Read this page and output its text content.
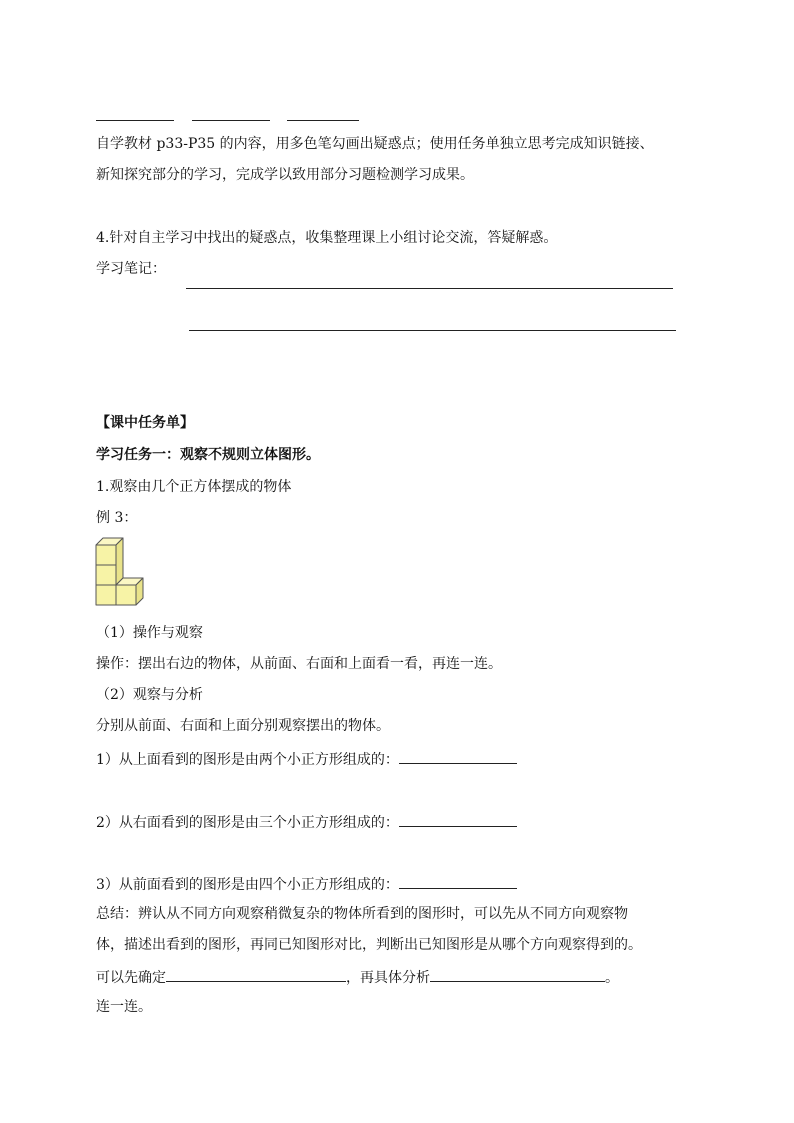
自学教材 p33-P35 的内容，用多色笔勾画出疑惑点；使用任务单独立思考完成知识链接、
新知探究部分的学习，完成学以致用部分习题检测学习成果。
4.针对自主学习中找出的疑惑点，收集整理课上小组讨论交流，答疑解惑。
学习笔记：
【课中任务单】
学习任务一：观察不规则立体图形。
1.观察由几个正方体摆成的物体
例 3：
（1）操作与观察
操作：摆出右边的物体，从前面、右面和上面看一看，再连一连。
（2）观察与分析
分别从前面、右面和上面分别观察摆出的物体。
1）从上面看到的图形是由两个小正方形组成的：
2）从右面看到的图形是由三个小正方形组成的：
3）从前面看到的图形是由四个小正方形组成的：
总结：辨认从不同方向观察稍微复杂的物体所看到的图形时，可以先从不同方向观察物
体，描述出看到的图形，再同已知图形对比，判断出已知图形是从哪个方向观察得到的。
可以先确定	，再具体分析	。
连一连。
